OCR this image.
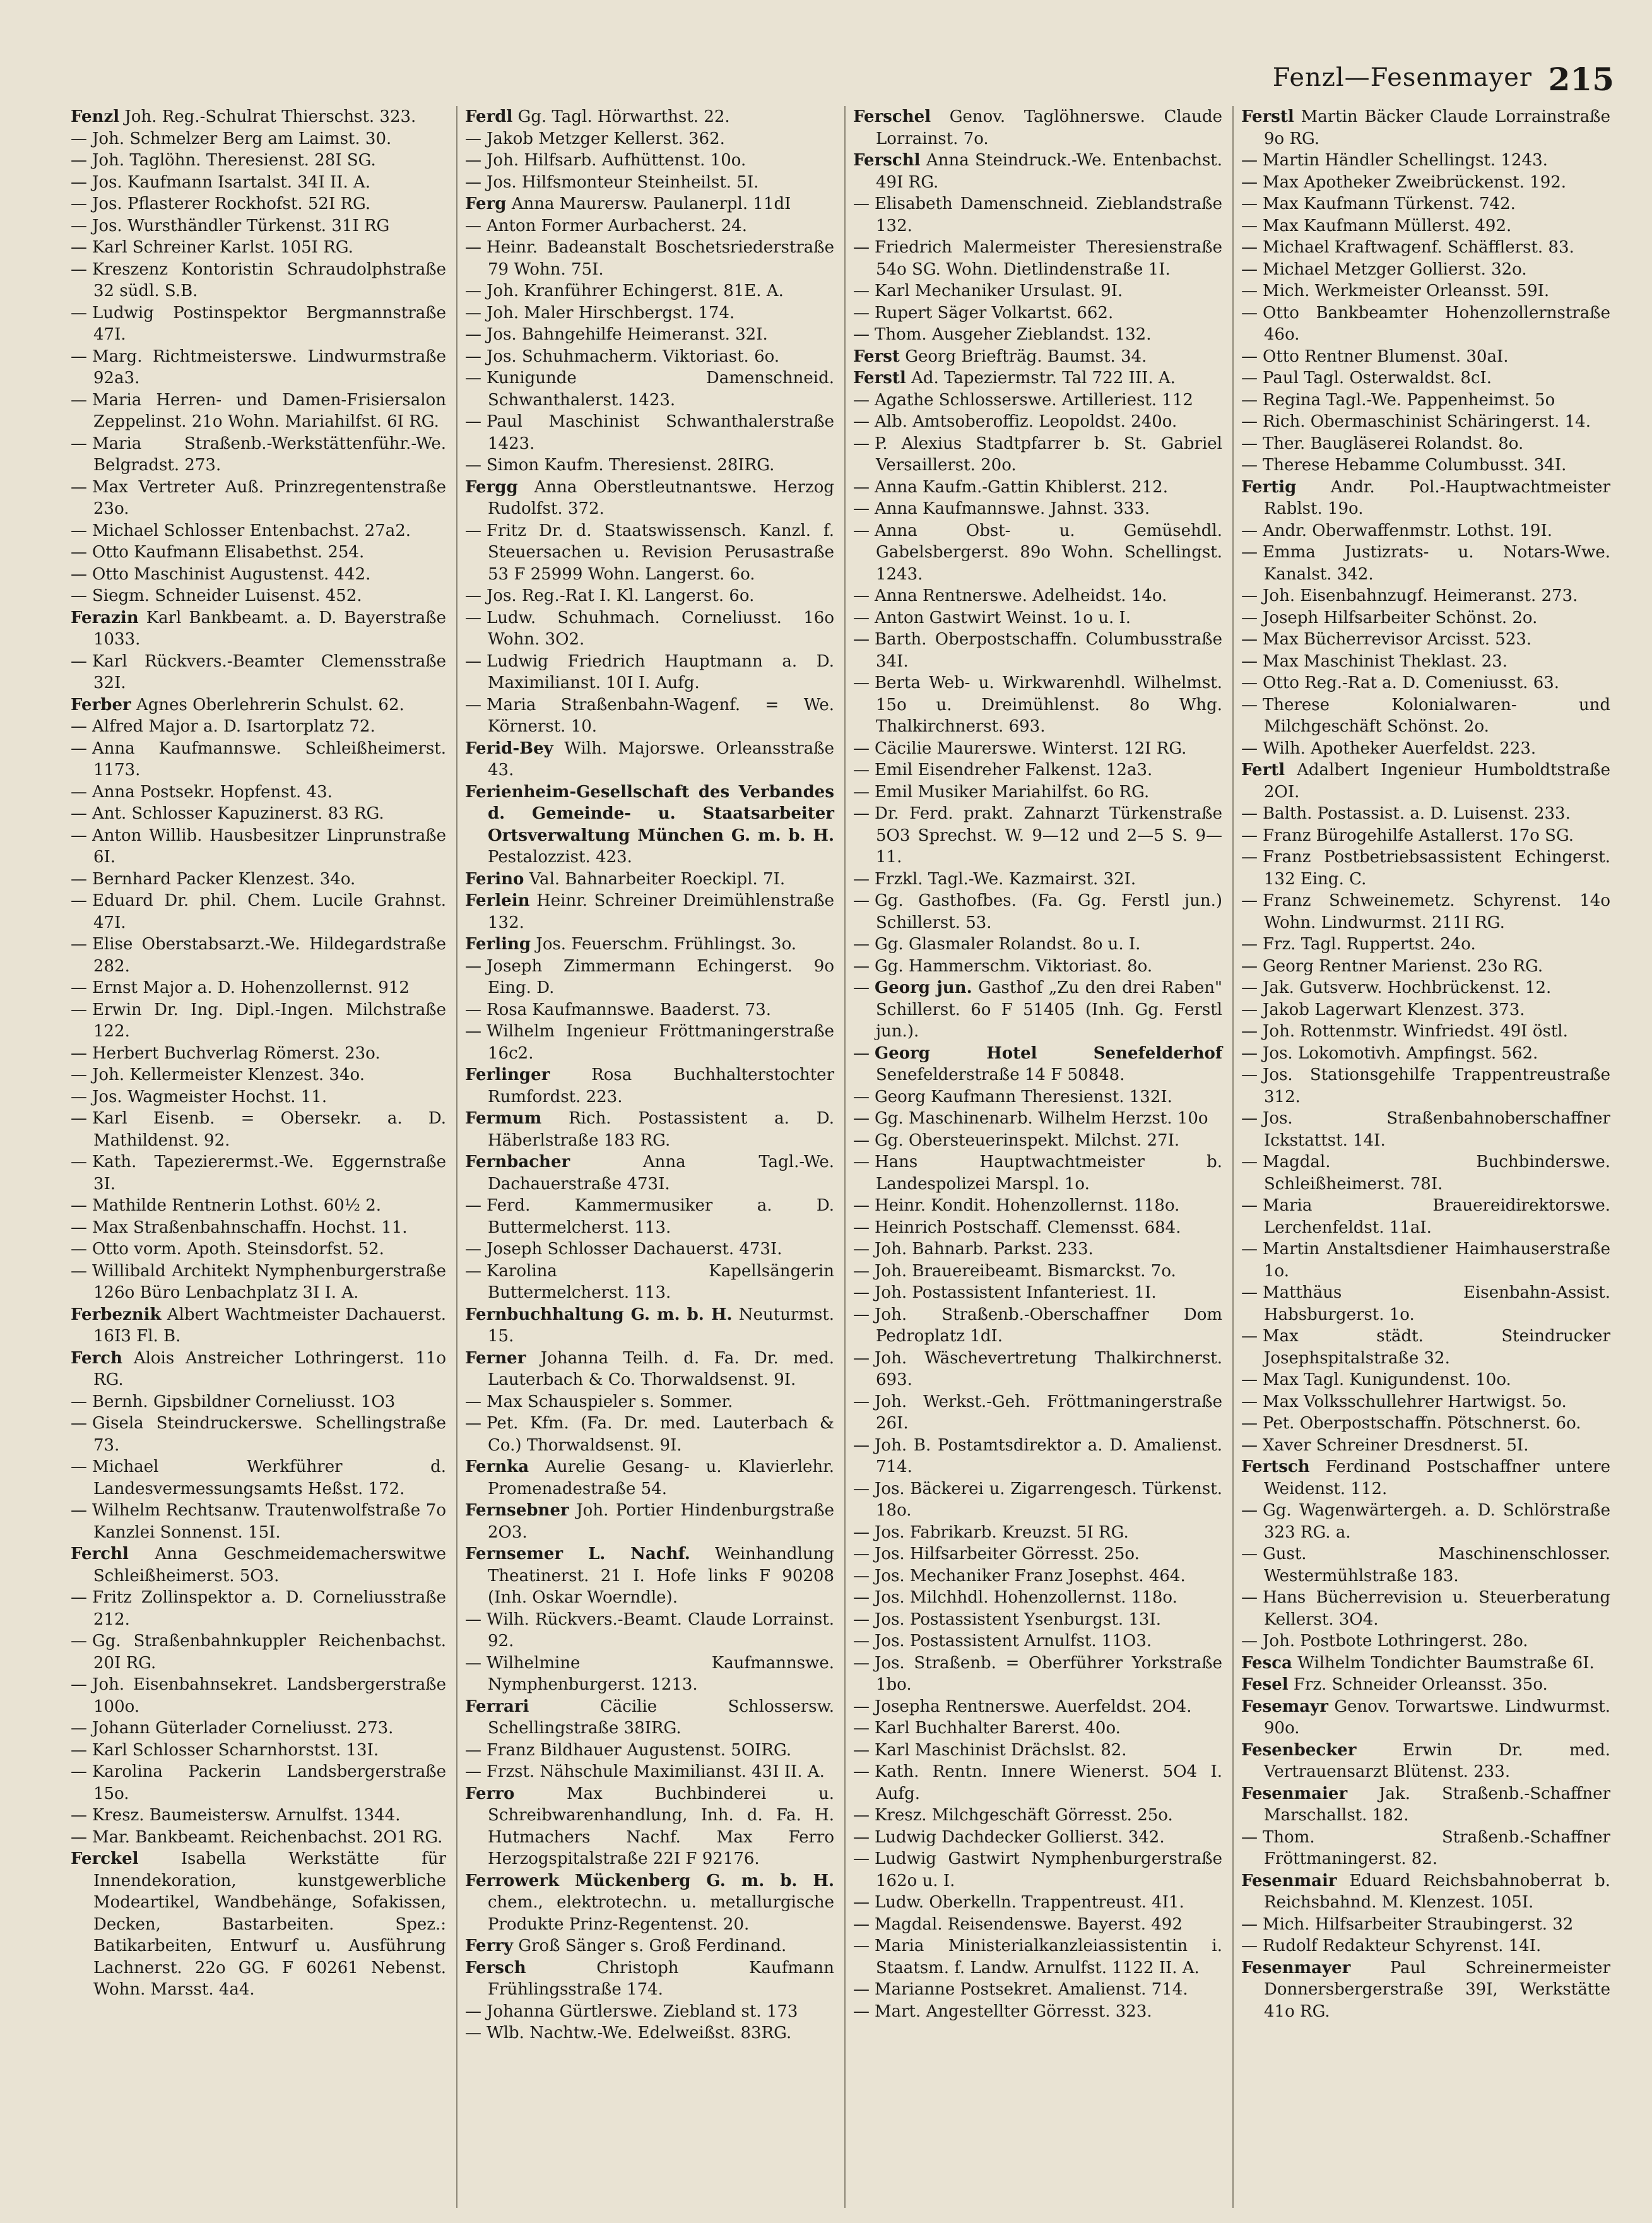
Fenzl—Fesenmayer 215
Fenzl Joh. Reg.-Schulrat Thierschst. 323.
— Joh. Schmelzer Berg am Laimst. 30.
— Joh. Taglöhn. Theresienst. 28I SG.
— Jos. Kaufmann Isartalst. 34I II. A.
— Jos. Pflasterer Rockhofst. 52I RG.
— Jos. Wursthändler Türkenst. 31I RG
— Karl Schreiner Karlst. 105I RG.
— Kreszenz Kontoristin Schraudolphstraße 32 südl. S.B.
— Ludwig Postinspektor Bergmannstraße 47I.
— Marg. Richtmeisterswe. Lindwurmstraße 92a3.
— Maria Herren- und Damen-Frisiersalon Zeppelinst. 21o Wohn. Mariahilfst. 6I RG.
— Maria Straßenb.-Werkstättenführ.-We. Belgradst. 273.
— Max Vertreter Auß. Prinzregentenstraße 23o.
— Michael Schlosser Entenbachst. 27a2.
— Otto Kaufmann Elisabethst. 254.
— Otto Maschinist Augustenst. 442.
— Siegm. Schneider Luisenst. 452.
Ferazin Karl Bankbeamt. a. D. Bayerstraße 1033.
— Karl Rückvers.-Beamter Clemensstraße 32I.
Ferber Agnes Oberlehrerin Schulst. 62.
— Alfred Major a. D. Isartorplatz 72.
— Anna Kaufmannswe. Schleißheimerst. 1173.
— Anna Postsekr. Hopfenst. 43.
— Ant. Schlosser Kapuzinerst. 83 RG.
— Anton Willib. Hausbesitzer Linprunstraße 6I.
— Bernhard Packer Klenzest. 34o.
— Eduard Dr. phil. Chem. Lucile Grahnst. 47I.
— Elise Oberstabsarzt.-We. Hildegardstraße 282.
— Ernst Major a. D. Hohenzollernst. 912
— Erwin Dr. Ing. Dipl.-Ingen. Milchstraße 122.
— Herbert Buchverlag Römerst. 23o.
— Joh. Kellermeister Klenzest. 34o.
— Jos. Wagmeister Hochst. 11.
— Karl Eisenb. = Obersekr. a. D. Mathildenst. 92.
— Kath. Tapezierermst.-We. Eggernstraße 3I.
— Mathilde Rentnerin Lothst. 60½ 2.
— Max Straßenbahnschaffn. Hochst. 11.
— Otto vorm. Apoth. Steinsdorfst. 52.
— Willibald Architekt Nymphenburgerstraße 126o Büro Lenbachplatz 3I I. A.
Ferbeznik Albert Wachtmeister Dachauerst. 16I3 Fl. B.
Ferch Alois Anstreicher Lothringerst. 11o RG.
— Bernh. Gipsbildner Corneliusst. 1O3
— Gisela Steindruckerswe. Schellingstraße 73.
— Michael Werkführer d. Landesvermessungsamts Heßst. 172.
— Wilhelm Rechtsanw. Trautenwolfstraße 7o Kanzlei Sonnenst. 15I.
Ferchl Anna Geschmeidemacherswitwe Schleißheimerst. 5O3.
— Fritz Zollinspektor a. D. Corneliusstraße 212.
— Gg. Straßenbahnkuppler Reichenbachst. 20I RG.
— Joh. Eisenbahnsekret. Landsbergerstraße 100o.
— Johann Güterlader Corneliusst. 273.
— Karl Schlosser Scharnhorstst. 13I.
— Karolina Packerin Landsbergerstraße 15o.
— Kresz. Baumeistersw. Arnulfst. 1344.
— Mar. Bankbeamt. Reichenbachst. 2O1 RG.
Ferckel	Isabella Werkstätte für Innendekoration, kunstgewerbliche Modeartikel, Wandbehänge, Sofakissen, Decken, Bastarbeiten. Spez.: Batikarbeiten, Entwurf u. Ausführung Lachnerst. 22o GG. F 60261 Nebenst. Wohn. Marsst. 4a4.
Ferdl Gg. Tagl. Hörwarthst. 22.
— Jakob Metzger Kellerst. 362.
— Joh. Hilfsarb. Aufhüttenst. 10o.
— Jos. Hilfsmonteur Steinheilst. 5I.
Ferg Anna Maurersw. Paulanerpl. 11dI
— Anton Former Aurbacherst. 24.
— Heinr. Badeanstalt Boschetsriederstraße 79 Wohn. 75I.
— Joh. Kranführer Echingerst. 81E. A.
— Joh. Maler Hirschbergst. 174.
— Jos. Bahngehilfe Heimeranst. 32I.
— Jos. Schuhmacherm. Viktoriast. 6o.
— Kunigunde Damenschneid. Schwanthalerst. 1423.
— Paul Maschinist Schwanthalerstraße 1423.
— Simon Kaufm. Theresienst. 28IRG.
Fergg Anna Oberstleutnantswe. Herzog Rudolfst. 372.
— Fritz Dr. d. Staatswissensch. Kanzl. f. Steuersachen u. Revision Perusastraße 53 F 25999 Wohn. Langerst. 6o.
— Jos. Reg.-Rat I. Kl. Langerst. 6o.
— Ludw. Schuhmach. Corneliusst. 16o Wohn. 3O2.
— Ludwig Friedrich Hauptmann a. D. Maximilianst. 10I I. Aufg.
— Maria Straßenbahn-Wagenf. = We. Körnerst. 10.
Ferid-Bey Wilh. Majorswe. Orleansstraße 43.
Ferienheim-Gesellschaft des Verbandes d. Gemeinde- u. Staatsarbeiter Ortsverwaltung München G. m. b. H. Pestalozzist. 423.
Ferino Val. Bahnarbeiter Roeckipl. 7I.
Ferlein Heinr. Schreiner Dreimühlenstraße 132.
Ferling Jos. Feuerschm. Frühlingst. 3o.
— Joseph Zimmermann Echingerst. 9o Eing. D.
— Rosa Kaufmannswe. Baaderst. 73.
— Wilhelm Ingenieur Fröttmaningerstraße 16c2.
Ferlinger	Rosa Buchhalterstochter Rumfordst. 223.
Fermum Rich. Postassistent a. D. Häberlstraße 183 RG.
Fernbacher	Anna Tagl.-We. Dachauerstraße 473I.
— Ferd. Kammermusiker a. D. Buttermelcherst. 113.
— Joseph Schlosser Dachauerst. 473I.
— Karolina Kapellsängerin Buttermelcherst. 113.
Fernbuchhaltung G. m. b. H. Neuturmst. 15.
Ferner Johanna Teilh. d. Fa. Dr. med. Lauterbach & Co. Thorwaldsenst. 9I.
— Max Schauspieler s. Sommer.
— Pet. Kfm. (Fa. Dr. med. Lauterbach & Co.) Thorwaldsenst. 9I.
Fernka Aurelie Gesang- u. Klavierlehr. Promenadestraße 54.
Fernsebner Joh. Portier Hindenburgstraße 2O3.
Fernsemer L. Nachf. Weinhandlung Theatinerst. 21 I. Hofe links F 90208 (Inh. Oskar Woerndle).
— Wilh. Rückvers.-Beamt. Claude Lorrainst. 92.
— Wilhelmine Kaufmannswe. Nymphenburgerst. 1213.
Ferrari	Cäcilie Schlossersw. Schellingstraße 38IRG.
— Franz Bildhauer Augustenst. 5OIRG.
— Frzst. Nähschule Maximilianst. 43I II. A.
Ferro	Max Buchbinderei u. Schreibwarenhandlung, Inh. d. Fa. H. Hutmachers Nachf. Max Ferro Herzogspitalstraße 22I F 92176.
Ferrowerk Mückenberg G. m. b. H. chem., elektrotechn. u. metallurgische Produkte Prinz-Regentenst. 20.
Ferry Groß Sänger s. Groß Ferdinand.
Fersch	Christoph Kaufmann Frühlingsstraße 174.
— Johanna Gürtlerswe. Ziebland st. 173
— Wlb. Nachtw.-We. Edelweißst. 83RG.
Ferschel Genov. Taglöhnerswe. Claude Lorrainst. 7o.
Ferschl Anna Steindruck.-We. Entenbachst. 49I RG.
— Elisabeth Damenschneid. Zieblandstraße 132.
— Friedrich Malermeister Theresienstraße 54o SG. Wohn. Dietlindenstraße 1I.
— Karl Mechaniker Ursulast. 9I.
— Rupert Säger Volkartst. 662.
— Thom. Ausgeher Zieblandst. 132.
Ferst Georg Briefträg. Baumst. 34.
Ferstl Ad. Tapeziermstr. Tal 722 III. A.
— Agathe Schlosserswe. Artilleriest. 112
— Alb. Amtsoberoffiz. Leopoldst. 240o.
— P. Alexius Stadtpfarrer b. St. Gabriel Versaillerst. 20o.
— Anna Kaufm.-Gattin Khiblerst. 212.
— Anna Kaufmannswe. Jahnst. 333.
— Anna Obst- u. Gemüsehdl. Gabelsbergerst. 89o Wohn. Schellingst. 1243.
— Anna Rentnerswe. Adelheidst. 14o.
— Anton Gastwirt Weinst. 1o u. I.
— Barth. Oberpostschaffn. Columbusstraße 34I.
— Berta Web- u. Wirkwarenhdl. Wilhelmst. 15o u. Dreimühlenst. 8o Whg. Thalkirchnerst. 693.
— Cäcilie Maurerswe. Winterst. 12I RG.
— Emil Eisendreher Falkenst. 12a3.
— Emil Musiker Mariahilfst. 6o RG.
— Dr. Ferd. prakt. Zahnarzt Türkenstraße 5O3 Sprechst. W. 9—12 und 2—5 S. 9—11.
— Frzkl. Tagl.-We. Kazmairst. 32I.
— Gg. Gasthofbes. (Fa. Gg. Ferstl jun.) Schillerst. 53.
— Gg. Glasmaler Rolandst. 8o u. I.
— Gg. Hammerschm. Viktoriast. 8o.
— Georg jun. Gasthof „Zu den drei Raben" Schillerst. 6o F 51405 (Inh. Gg. Ferstl jun.).
— Georg Hotel Senefelderhof Senefelderstraße 14 F 50848.
— Georg Kaufmann Theresienst. 132I.
— Gg. Maschinenarb. Wilhelm Herzst. 10o
— Gg. Obersteuerinspekt. Milchst. 27I.
— Hans Hauptwachtmeister b. Landespolizei Marspl. 1o.
— Heinr. Kondit. Hohenzollernst. 118o.
— Heinrich Postschaff. Clemensst. 684.
— Joh. Bahnarb. Parkst. 233.
— Joh. Brauereibeamt. Bismarckst. 7o.
— Joh. Postassistent Infanteriest. 1I.
— Joh. Straßenb.-Oberschaffner Dom Pedroplatz 1dI.
— Joh. Wäschevertretung Thalkirchnerst. 693.
— Joh. Werkst.-Geh. Fröttmaningerstraße 26I.
— Joh. B. Postamtsdirektor a. D. Amalienst. 714.
— Jos. Bäckerei u. Zigarrengesch. Türkenst. 18o.
— Jos. Fabrikarb. Kreuzst. 5I RG.
— Jos. Hilfsarbeiter Görresst. 25o.
— Jos. Mechaniker Franz Josephst. 464.
— Jos. Milchhdl. Hohenzollernst. 118o.
— Jos. Postassistent Ysenburgst. 13I.
— Jos. Postassistent Arnulfst. 11O3.
— Jos. Straßenb. = Oberführer Yorkstraße 1bo.
— Josepha Rentnerswe. Auerfeldst. 2O4.
— Karl Buchhalter Barerst. 40o.
— Karl Maschinist Drächslst. 82.
— Kath. Rentn. Innere Wienerst. 5O4 I. Aufg.
— Kresz. Milchgeschäft Görresst. 25o.
— Ludwig Dachdecker Gollierst. 342.
— Ludwig Gastwirt Nymphenburgerstraße 162o u. I.
— Ludw. Oberkelln. Trappentreust. 4I1.
— Magdal. Reisendenswe. Bayerst. 492
— Maria Ministerialkanzleiassistentin i. Staatsm. f. Landw. Arnulfst. 1122 II. A.
— Marianne Postsekret. Amalienst. 714.
— Mart. Angestellter Görresst. 323.
Ferstl Martin Bäcker Claude Lorrainstraße 9o RG.
— Martin Händler Schellingst. 1243.
— Max Apotheker Zweibrückenst. 192.
— Max Kaufmann Türkenst. 742.
— Max Kaufmann Müllerst. 492.
— Michael Kraftwagenf. Schäfflerst. 83.
— Michael Metzger Gollierst. 32o.
— Mich. Werkmeister Orleansst. 59I.
— Otto Bankbeamter Hohenzollernstraße 46o.
— Otto Rentner Blumenst. 30aI.
— Paul Tagl. Osterwaldst. 8cI.
— Regina Tagl.-We. Pappenheimst. 5o
— Rich. Obermaschinist Schäringerst. 14.
— Ther. Baugläserei Rolandst. 8o.
— Therese Hebamme Columbusst. 34I.
Fertig Andr. Pol.-Hauptwachtmeister Rablst. 19o.
— Andr. Oberwaffenmstr. Lothst. 19I.
— Emma Justizrats- u. Notars-Wwe. Kanalst. 342.
— Joh. Eisenbahnzugf. Heimeranst. 273.
— Joseph Hilfsarbeiter Schönst. 2o.
— Max Bücherrevisor Arcisst. 523.
— Max Maschinist Theklast. 23.
— Otto Reg.-Rat a. D. Comeniusst. 63.
— Therese Kolonialwaren- und Milchgeschäft Schönst. 2o.
— Wilh. Apotheker Auerfeldst. 223.
Fertl Adalbert Ingenieur Humboldtstraße 2OI.
— Balth. Postassist. a. D. Luisenst. 233.
— Franz Bürogehilfe Astallerst. 17o SG.
— Franz Postbetriebsassistent Echingerst. 132 Eing. C.
— Franz Schweinemetz. Schyrenst. 14o Wohn. Lindwurmst. 211I RG.
— Frz. Tagl. Ruppertst. 24o.
— Georg Rentner Marienst. 23o RG.
— Jak. Gutsverw. Hochbrückenst. 12.
— Jakob Lagerwart Klenzest. 373.
— Joh. Rottenmstr. Winfriedst. 49I östl.
— Jos. Lokomotivh. Ampfingst. 562.
— Jos. Stationsgehilfe Trappentreustraße 312.
— Jos. Straßenbahnoberschaffner Ickstattst. 14I.
— Magdal. Buchbinderswe. Schleißheimerst. 78I.
— Maria Brauereidirektorswe. Lerchenfeldst. 11aI.
— Martin Anstaltsdiener Haimhauserstraße 1o.
— Matthäus Eisenbahn-Assist. Habsburgerst. 1o.
— Max städt. Steindrucker Josephspitalstraße 32.
— Max Tagl. Kunigundenst. 10o.
— Max Volksschullehrer Hartwigst. 5o.
— Pet. Oberpostschaffn. Pötschnerst. 6o.
— Xaver Schreiner Dresdnerst. 5I.
Fertsch Ferdinand Postschaffner untere Weidenst. 112.
— Gg. Wagenwärtergeh. a. D. Schlörstraße 323 RG. a.
— Gust. Maschinenschlosser. Westermühlstraße 183.
— Hans Bücherrevision u. Steuerberatung Kellerst. 3O4.
— Joh. Postbote Lothringerst. 28o.
Fesca Wilhelm Tondichter Baumstraße 6I.
Fesel Frz. Schneider Orleansst. 35o.
Fesemayr Genov. Torwartswe. Lindwurmst. 90o.
Fesenbecker	Erwin Dr. med. Vertrauensarzt Blütenst. 233.
Fesenmaier Jak. Straßenb.-Schaffner Marschallst. 182.
— Thom. Straßenb.-Schaffner Fröttmaningerst. 82.
Fesenmair Eduard Reichsbahnoberrat b. Reichsbahnd. M. Klenzest. 105I.
— Mich. Hilfsarbeiter Straubingerst. 32
— Rudolf Redakteur Schyrenst. 14I.
Fesenmayer Paul Schreinermeister Donnersbergerstraße 39I, Werkstätte 41o RG.
